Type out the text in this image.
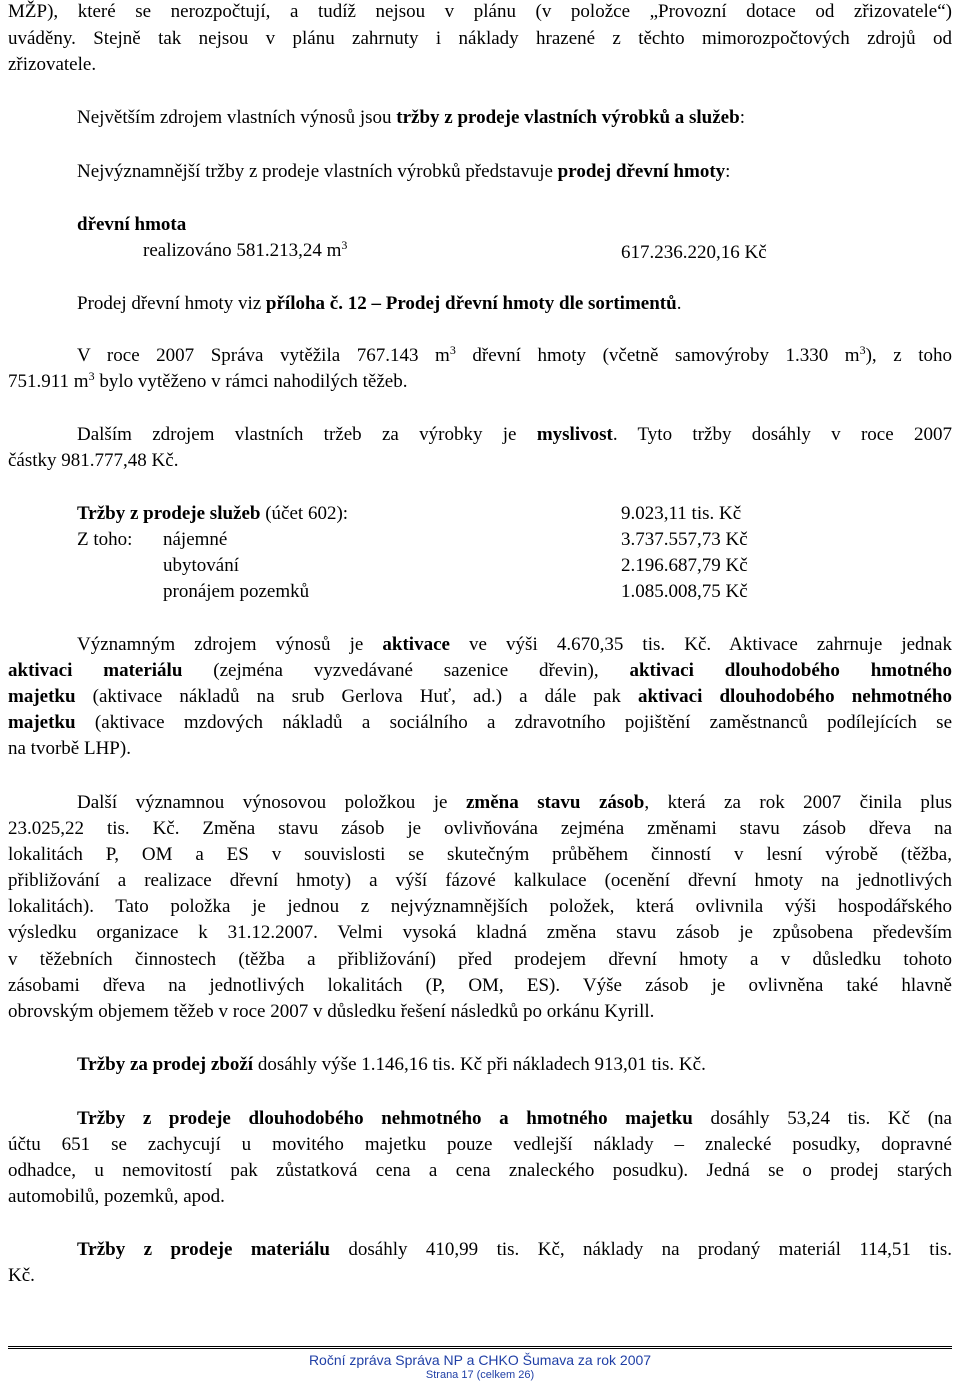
MŽP), které se nerozpočtují, a tudíž nejsou v plánu (v položce „Provozní dotace od zřizovatele“)
uváděny. Stejně tak nejsou v plánu zahrnuty i náklady hrazené z těchto mimorozpočtových zdrojů od
zřizovatele.
Největším zdrojem vlastních výnosů jsou tržby z prodeje vlastních výrobků a služeb:
Nejvýznamnější tržby z prodeje vlastních výrobků představuje prodej dřevní hmoty:
dřevní hmota
realizováno 581.213,24 $m^3$	617.236.220,16 Kč
Prodej dřevní hmoty viz příloha č. 12 – Prodej dřevní hmoty dle sortimentů.
V roce 2007 Správa vytěžila 767.143 $m^3$ dřevní hmoty (včetně samovýroby 1.330 $m^3$), z toho
751.911 $m^3$ bylo vytěženo v rámci nahodilých těžeb.
Dalším zdrojem vlastních tržeb za výrobky je myslivost. Tyto tržby dosáhly v roce 2007
částky 981.777,48 Kč.
Tržby z prodeje služeb (účet 602):	9.023,11 tis. Kč
Z toho: nájemné	3.737.557,73 Kč
ubytování	2.196.687,79 Kč
pronájem pozemků	1.085.008,75 Kč
Významným zdrojem výnosů je aktivace ve výši 4.670,35 tis. Kč. Aktivace zahrnuje jednak
aktivaci materiálu (zejména vyzvedávané sazenice dřevin), aktivaci dlouhodobého hmotného
majetku (aktivace nákladů na srub Gerlova Huť, ad.) a dále pak aktivaci dlouhodobého nehmotného
majetku (aktivace mzdových nákladů a sociálního a zdravotního pojištění zaměstnanců podílejících se
na tvorbě LHP).
Další významnou výnosovou položkou je změna stavu zásob, která za rok 2007 činila plus
23.025,22 tis. Kč. Změna stavu zásob je ovlivňována zejména změnami stavu zásob dřeva na
lokalitách P, OM a ES v souvislosti se skutečným průběhem činností v lesní výrobě (těžba,
přibližování a realizace dřevní hmoty) a výší fázové kalkulace (ocenění dřevní hmoty na jednotlivých
lokalitách). Tato položka je jednou z nejvýznamnějších položek, která ovlivnila výši hospodářského
výsledku organizace k 31.12.2007. Velmi vysoká kladná změna stavu zásob je způsobena především
v těžebních činnostech (těžba a přibližování) před prodejem dřevní hmoty a v důsledku tohoto
zásobami dřeva na jednotlivých lokalitách (P, OM, ES). Výše zásob je ovlivněna také hlavně
obrovským objemem těžeb v roce 2007 v důsledku řešení následků po orkánu Kyrill.
Tržby za prodej zboží dosáhly výše 1.146,16 tis. Kč při nákladech 913,01 tis. Kč.
Tržby z prodeje dlouhodobého nehmotného a hmotného majetku dosáhly 53,24 tis. Kč (na
účtu 651 se zachycují u movitého majetku pouze vedlejší náklady – znalecké posudky, dopravné
odhadce, u nemovitostí pak zůstatková cena a cena znaleckého posudku). Jedná se o prodej starých
automobilů, pozemků, apod.
Tržby z prodeje materiálu dosáhly 410,99 tis. Kč, náklady na prodaný materiál 114,51 tis.
Kč.
Roční zpráva Správa NP a CHKO Šumava za rok 2007
Strana 17 (celkem 26)
